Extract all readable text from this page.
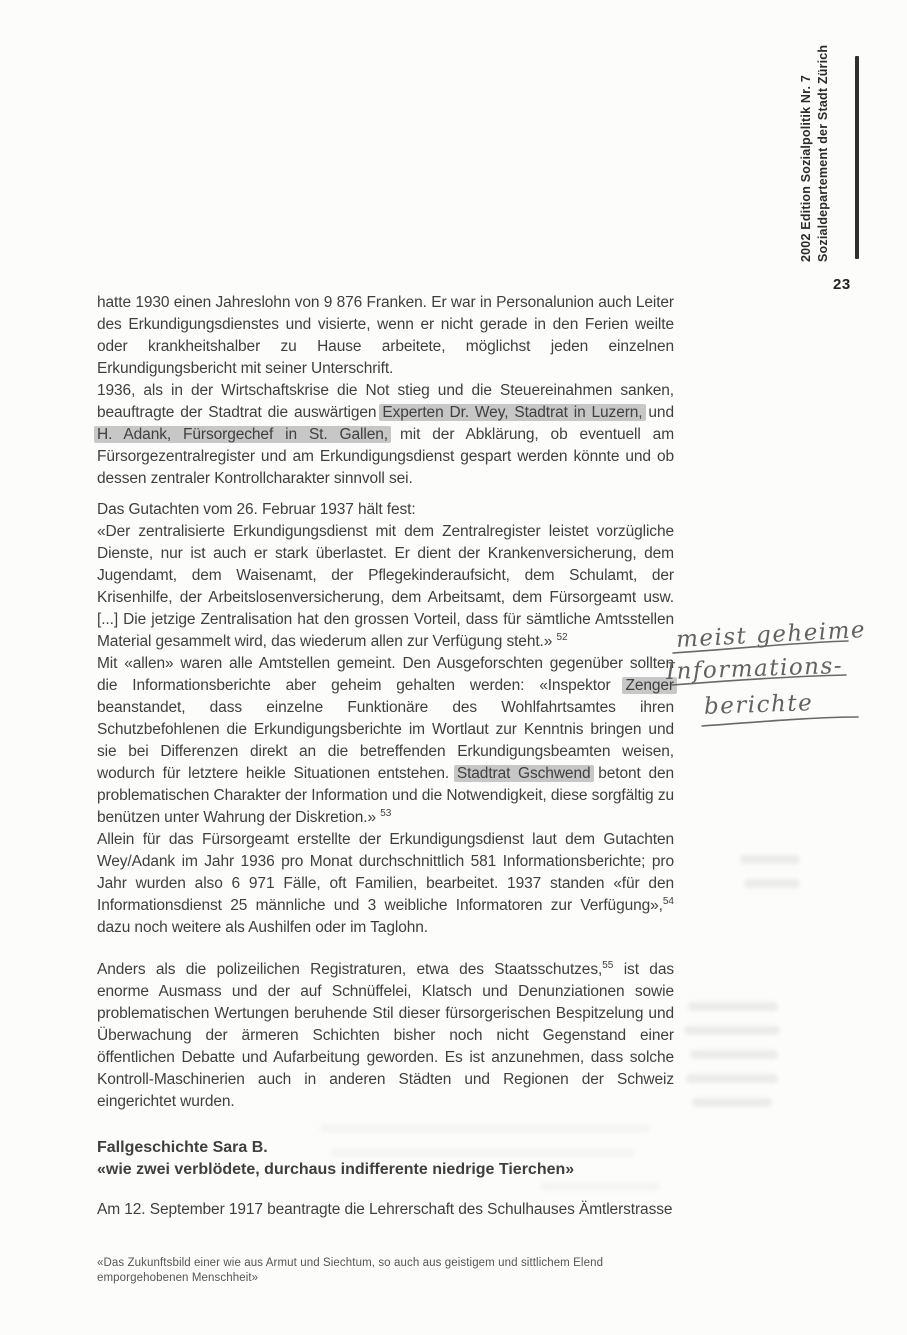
2002 Edition Sozialpolitik Nr. 7 Sozialdepartement der Stadt Zürich
23

hatte 1930 einen Jahreslohn von 9 876 Franken. Er war in Personalunion auch Leiter des Erkundigungsdienstes und visierte, wenn er nicht gerade in den Ferien weilte oder krankheitshalber zu Hause arbeitete, möglichst jeden einzelnen Erkundigungsbericht mit seiner Unterschrift.

1936, als in der Wirtschaftskrise die Not stieg und die Steuereinahmen sanken, beauftragte der Stadtrat die auswärtigen Experten Dr. Wey, Stadtrat in Luzern, und H. Adank, Fürsorgechef in St. Gallen, mit der Abklärung, ob eventuell am Fürsorgezentralregister und am Erkundigungsdienst gespart werden könnte und ob dessen zentraler Kontrollcharakter sinnvoll sei.

Das Gutachten vom 26. Februar 1937 hält fest:

«Der zentralisierte Erkundigungsdienst mit dem Zentralregister leistet vorzügliche Dienste, nur ist auch er stark überlastet. Er dient der Krankenversicherung, dem Jugendamt, dem Waisenamt, der Pflegekinderaufsicht, dem Schulamt, der Krisenhilfe, der Arbeitslosenversicherung, dem Arbeitsamt, dem Fürsorgeamt usw. [...] Die jetzige Zentralisation hat den grossen Vorteil, dass für sämtliche Amtsstellen Material gesammelt wird, das wiederum allen zur Verfügung steht.» $^{52}$

Mit «allen» waren alle Amtstellen gemeint. Den Ausgeforschten gegenüber sollten die Informationsberichte aber geheim gehalten werden: «Inspektor Zenger beanstandet, dass einzelne Funktionäre des Wohlfahrtsamtes ihren Schutzbefohlenen die Erkundigungsberichte im Wortlaut zur Kenntnis bringen und sie bei Differenzen direkt an die betreffenden Erkundigungsbeamten weisen, wodurch für letztere heikle Situationen entstehen. Stadtrat Gschwend betont den problematischen Charakter der Information und die Notwendigkeit, diese sorgfältig zu benützen unter Wahrung der Diskretion.» $^{53}$

Allein für das Fürsorgeamt erstellte der Erkundigungsdienst laut dem Gutachten Wey/Adank im Jahr 1936 pro Monat durchschnittlich 581 Informationsberichte; pro Jahr wurden also 6 971 Fälle, oft Familien, bearbeitet. 1937 standen «für den Informationsdienst 25 männliche und 3 weibliche Informatoren zur Verfügung»,$^{54}$ dazu noch weitere als Aushilfen oder im Taglohn.

Anders als die polizeilichen Registraturen, etwa des Staatsschutzes,$^{55}$ ist das enorme Ausmass und der auf Schnüffelei, Klatsch und Denunziationen sowie problematischen Wertungen beruhende Stil dieser fürsorgerischen Bespitzelung und Überwachung der ärmeren Schichten bisher noch nicht Gegenstand einer öffentlichen Debatte und Aufarbeitung geworden. Es ist anzunehmen, dass solche Kontroll-Maschinerien auch in anderen Städten und Regionen der Schweiz eingerichtet wurden.

Fallgeschichte Sara B.

«wie zwei verblödete, durchaus indifferente niedrige Tierchen»

Am 12. September 1917 beantragte die Lehrerschaft des Schulhauses Ämtlerstrasse

meist geheime
Informations-
berichte
«Das Zukunftsbild einer wie aus Armut und Siechtum, so auch aus geistigem und sittlichem Elend emporgehobenen Menschheit»
